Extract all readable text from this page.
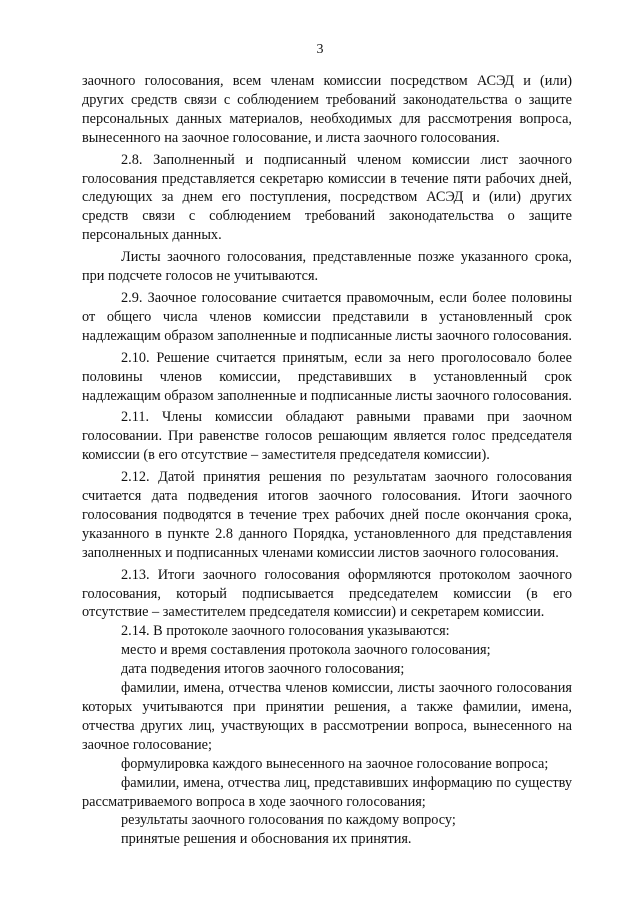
3

заочного голосования, всем членам комиссии посредством АСЭД и (или) других средств связи с соблюдением требований законодательства о защите персональных данных материалов, необходимых для рассмотрения вопроса, вынесенного на заочное голосование, и листа заочного голосования.

2.8. Заполненный и подписанный членом комиссии лист заочного голосования представляется секретарю комиссии в течение пяти рабочих дней, следующих за днем его поступления, посредством АСЭД и (или) других средств связи с соблюдением требований законодательства о защите персональных данных.

Листы заочного голосования, представленные позже указанного срока, при подсчете голосов не учитываются.

2.9. Заочное голосование считается правомочным, если более половины от общего числа членов комиссии представили в установленный срок надлежащим образом заполненные и подписанные листы заочного голосования.

2.10. Решение считается принятым, если за него проголосовало более половины членов комиссии, представивших в установленный срок надлежащим образом заполненные и подписанные листы заочного голосования.

2.11. Члены комиссии обладают равными правами при заочном голосовании. При равенстве голосов решающим является голос председателя комиссии (в его отсутствие – заместителя председателя комиссии).

2.12. Датой принятия решения по результатам заочного голосования считается дата подведения итогов заочного голосования. Итоги заочного голосования подводятся в течение трех рабочих дней после окончания срока, указанного в пункте 2.8 данного Порядка, установленного для представления заполненных и подписанных членами комиссии листов заочного голосования.

2.13. Итоги заочного голосования оформляются протоколом заочного голосования, который подписывается председателем комиссии (в его отсутствие – заместителем председателя комиссии) и секретарем комиссии.

2.14. В протоколе заочного голосования указываются:

место и время составления протокола заочного голосования;

дата подведения итогов заочного голосования;

фамилии, имена, отчества членов комиссии, листы заочного голосования которых учитываются при принятии решения, а также фамилии, имена, отчества других лиц, участвующих в рассмотрении вопроса, вынесенного на заочное голосование;

формулировка каждого вынесенного на заочное голосование вопроса;

фамилии, имена, отчества лиц, представивших информацию по существу рассматриваемого вопроса в ходе заочного голосования;

результаты заочного голосования по каждому вопросу;

принятые решения и обоснования их принятия.
